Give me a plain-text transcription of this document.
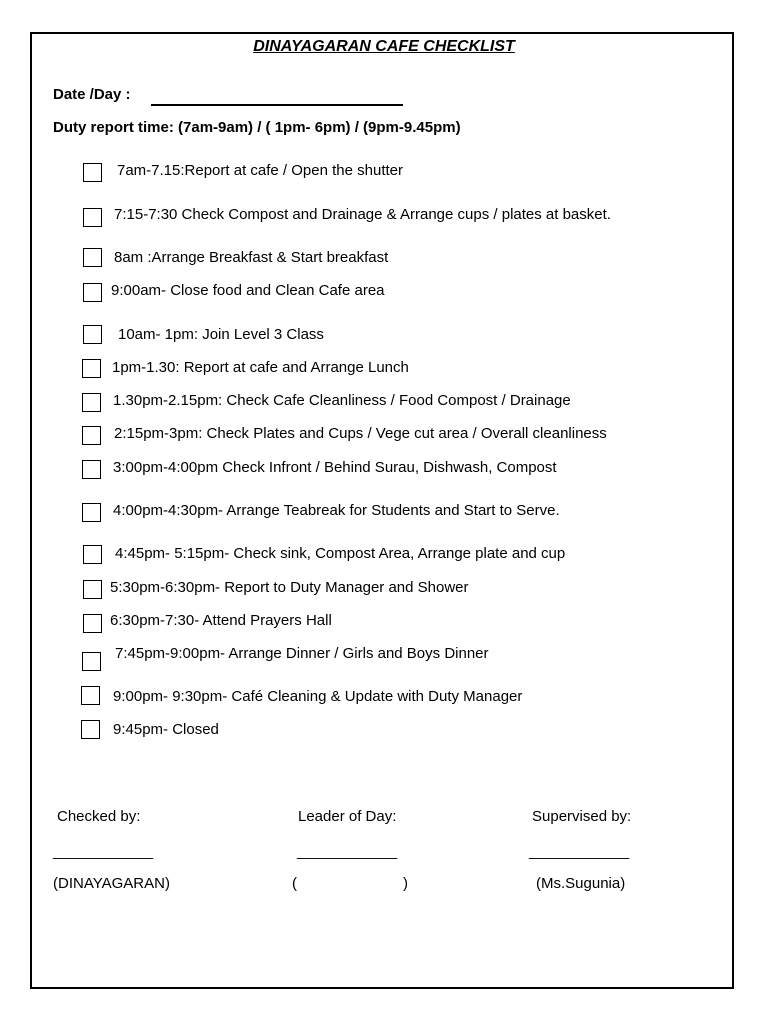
DINAYAGARAN CAFE CHECKLIST
Date /Day :
Duty report time: (7am-9am) / ( 1pm- 6pm) / (9pm-9.45pm)
7am-7.15:Report at cafe / Open the shutter
7:15-7:30 Check Compost and Drainage & Arrange cups / plates at basket.
8am :Arrange Breakfast & Start breakfast
9:00am- Close food and Clean Cafe area
10am- 1pm: Join Level 3 Class
1pm-1.30: Report at cafe and Arrange Lunch
1.30pm-2.15pm: Check Cafe Cleanliness / Food Compost / Drainage
2:15pm-3pm: Check Plates and Cups / Vege cut area / Overall cleanliness
3:00pm-4:00pm Check Infront / Behind Surau, Dishwash, Compost
4:00pm-4:30pm- Arrange Teabreak for Students and Start to Serve.
4:45pm- 5:15pm- Check sink, Compost Area, Arrange plate and cup
5:30pm-6:30pm- Report to Duty Manager and Shower
6:30pm-7:30- Attend Prayers Hall
7:45pm-9:00pm- Arrange Dinner / Girls and Boys Dinner
9:00pm- 9:30pm- Café Cleaning & Update with Duty Manager
9:45pm- Closed
Checked by:	Leader of Day:	Supervised by:
____________	____________	____________
(DINAYAGARAN)	(	)	(Ms.Sugunia)
